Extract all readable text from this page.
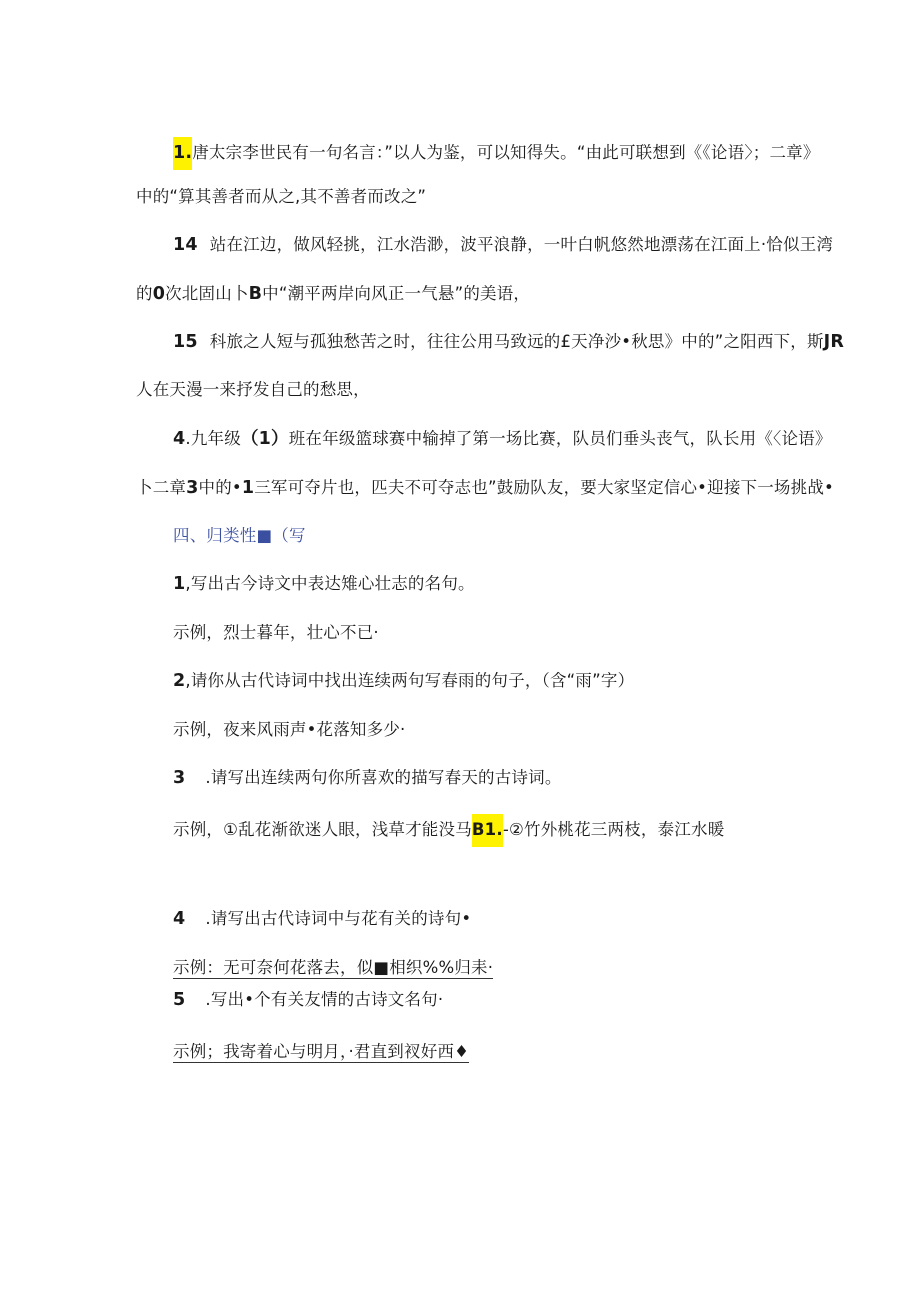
1.唐太宗李世民有一句名言：”以人为鉴，可以知得失。“由此可联想到《《论语〉；二章》
中的“算其善者而从之,其不善者而改之”
14 站在江边，做风轻挑，江水浩渺，波平浪静，一叶白帆悠然地漂荡在江面上·恰似王湾
的0次北固山卜B中“潮平两岸向风正一气悬”的美语，
15 科旅之人短与孤独愁苦之时，往往公用马致远的£天净沙•秋思》中的”之阳西下，斯JR
人在天漫一来抒发自己的愁思，
4.九年级（1）班在年级篮球赛中输掉了第一场比赛，队员们垂头丧气，队长用《〈论语》
卜二章3中的•1三军可夺片也，匹夫不可夺志也”鼓励队友，要大家坚定信心•迎接下一场挑战•
四、归类性■（写
1,写出古今诗文中表达雉心壮志的名句。
示例，烈士暮年，壮心不已·
2,请你从古代诗词中找出连续两句写春雨的句子，（含“雨”字）
示例，夜来风雨声•花落知多少·
3 .请写出连续两句你所喜欢的描写春天的古诗词。
示例，①乱花渐欲迷人眼，浅草才能没马B1.-②竹外桃花三两枝，泰江水暖
4 .请写出古代诗词中与花有关的诗句•
示例：无可奈何花落去，似■相织%%归耒·
5 .写出•个有关友情的古诗文名句·
示例；我寄着心与明月，·君直到衩好西♦
